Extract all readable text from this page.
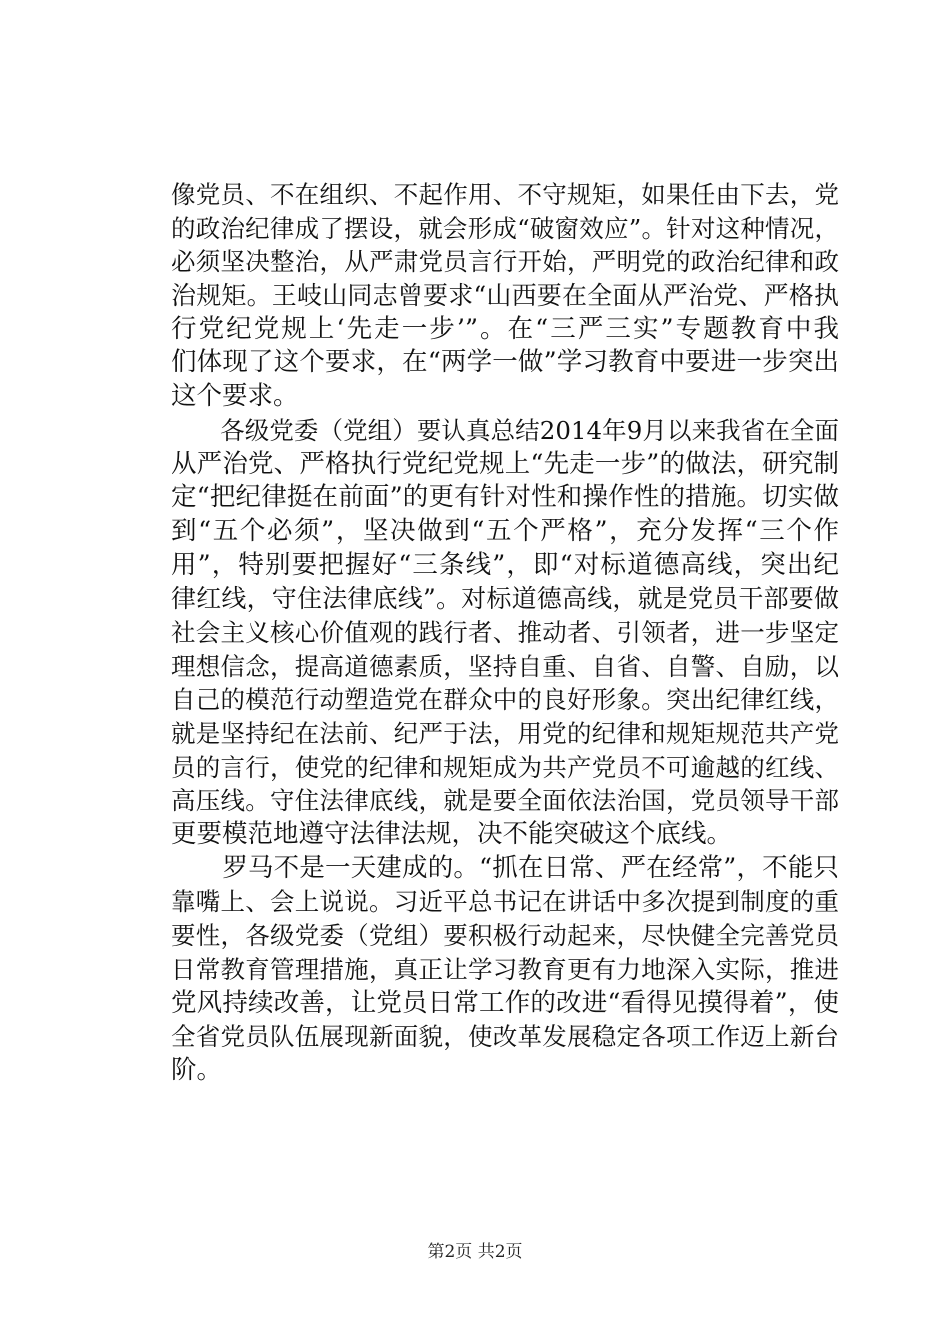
像党员、不在组织、不起作用、不守规矩，如果任由下去，党
的政治纪律成了摆设，就会形成“破窗效应”。针对这种情况，
必须坚决整治，从严肃党员言行开始，严明党的政治纪律和政
治规矩。王岐山同志曾要求“山西要在全面从严治党、严格执
行党纪党规上‘先走一步’”。在“三严三实”专题教育中我
们体现了这个要求，在“两学一做”学习教育中要进一步突出
这个要求。
　　各级党委（党组）要认真总结2014年9月以来我省在全面
从严治党、严格执行党纪党规上“先走一步”的做法，研究制
定“把纪律挺在前面”的更有针对性和操作性的措施。切实做
到“五个必须”，坚决做到“五个严格”，充分发挥“三个作
用”，特别要把握好“三条线”，即“对标道德高线，突出纪
律红线，守住法律底线”。对标道德高线，就是党员干部要做
社会主义核心价值观的践行者、推动者、引领者，进一步坚定
理想信念，提高道德素质，坚持自重、自省、自警、自励，以
自己的模范行动塑造党在群众中的良好形象。突出纪律红线，
就是坚持纪在法前、纪严于法，用党的纪律和规矩规范共产党
员的言行，使党的纪律和规矩成为共产党员不可逾越的红线、
高压线。守住法律底线，就是要全面依法治国，党员领导干部
更要模范地遵守法律法规，决不能突破这个底线。
　　罗马不是一天建成的。“抓在日常、严在经常”，不能只
靠嘴上、会上说说。习近平总书记在讲话中多次提到制度的重
要性，各级党委（党组）要积极行动起来，尽快健全完善党员
日常教育管理措施，真正让学习教育更有力地深入实际，推进
党风持续改善，让党员日常工作的改进“看得见摸得着”，使
全省党员队伍展现新面貌，使改革发展稳定各项工作迈上新台
阶。
第2页 共2页
